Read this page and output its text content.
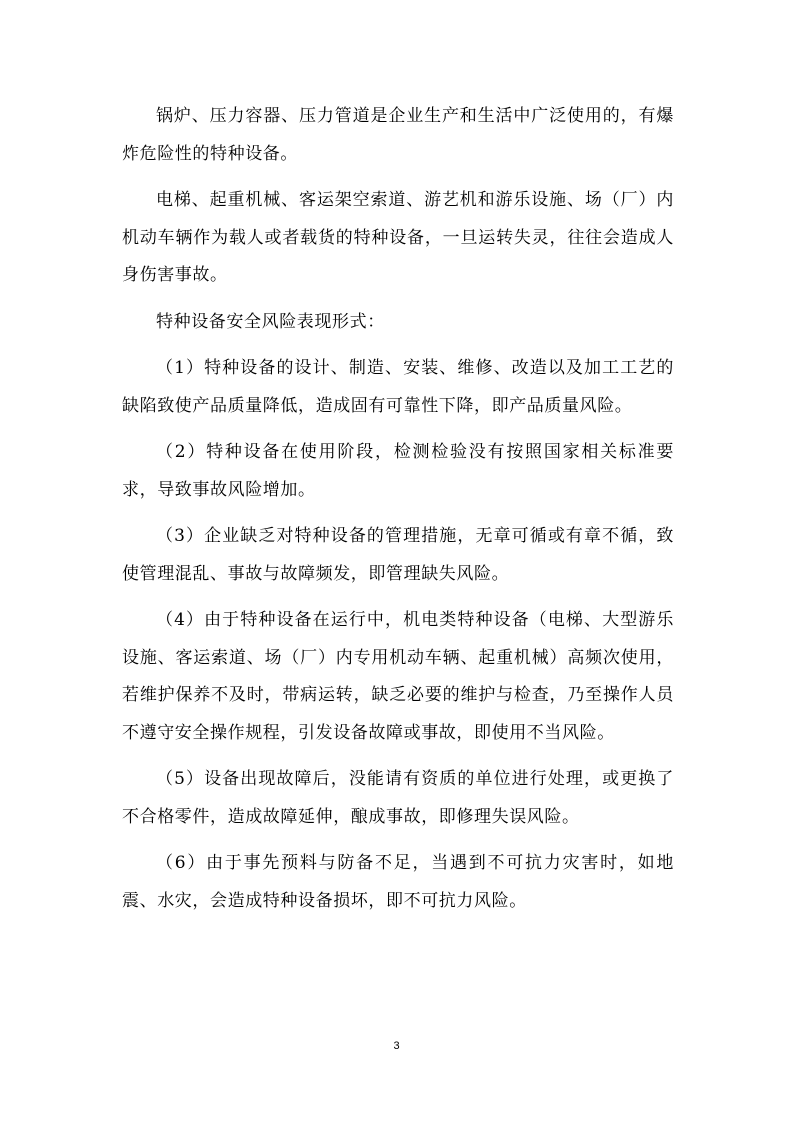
锅炉、压力容器、压力管道是企业生产和生活中广泛使用的，有爆炸危险性的特种设备。

电梯、起重机械、客运架空索道、游艺机和游乐设施、场（厂）内机动车辆作为载人或者载货的特种设备，一旦运转失灵，往往会造成人身伤害事故。

特种设备安全风险表现形式：

（1）特种设备的设计、制造、安装、维修、改造以及加工工艺的缺陷致使产品质量降低，造成固有可靠性下降，即产品质量风险。

（2）特种设备在使用阶段，检测检验没有按照国家相关标准要求，导致事故风险增加。

（3）企业缺乏对特种设备的管理措施，无章可循或有章不循，致使管理混乱、事故与故障频发，即管理缺失风险。

（4）由于特种设备在运行中，机电类特种设备（电梯、大型游乐设施、客运索道、场（厂）内专用机动车辆、起重机械）高频次使用，若维护保养不及时，带病运转，缺乏必要的维护与检查，乃至操作人员不遵守安全操作规程，引发设备故障或事故，即使用不当风险。

（5）设备出现故障后，没能请有资质的单位进行处理，或更换了不合格零件，造成故障延伸，酿成事故，即修理失误风险。

（6）由于事先预料与防备不足，当遇到不可抗力灾害时，如地震、水灾，会造成特种设备损坏，即不可抗力风险。

3
